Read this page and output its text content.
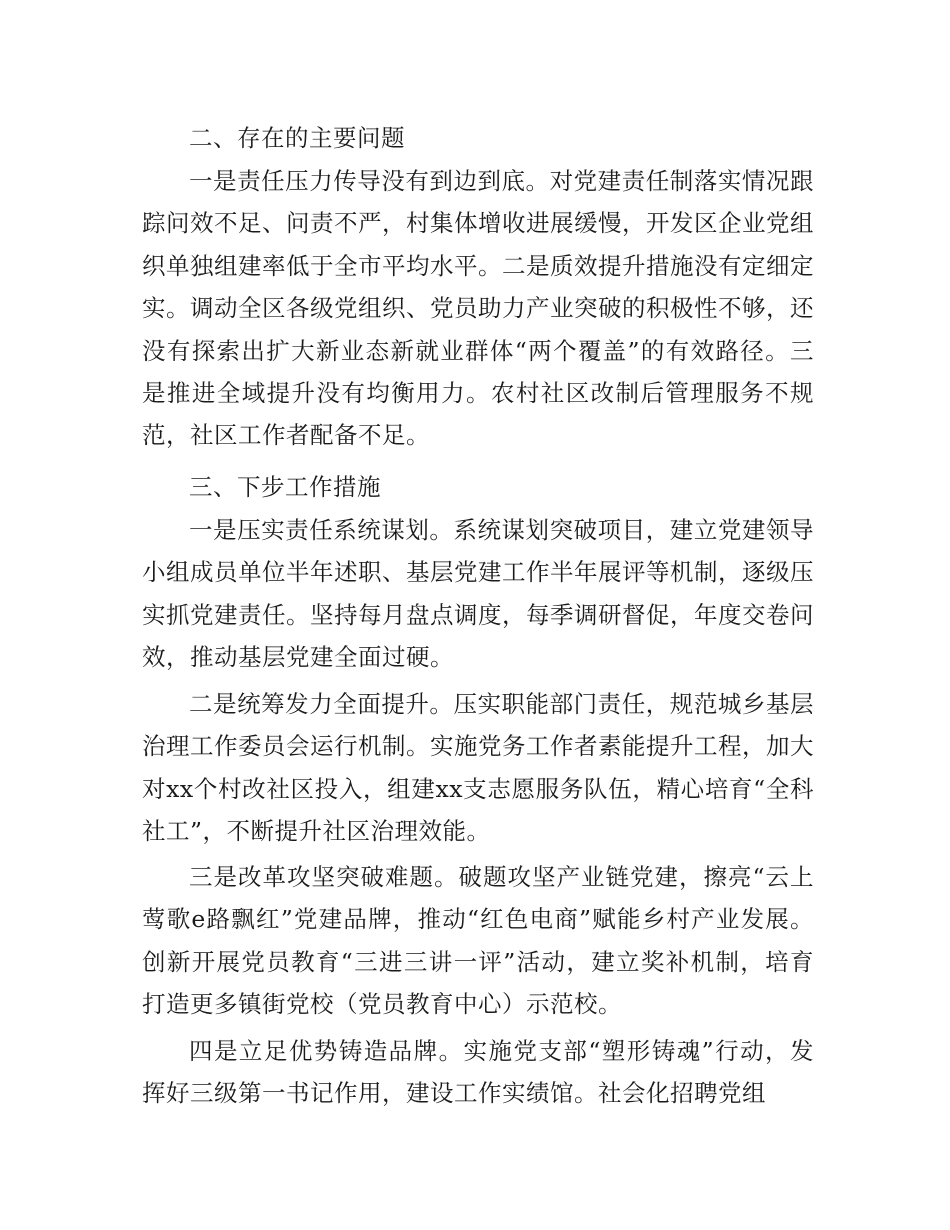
二、存在的主要问题

一是责任压力传导没有到边到底。对党建责任制落实情况跟踪问效不足、问责不严，村集体增收进展缓慢，开发区企业党组织单独组建率低于全市平均水平。二是质效提升措施没有定细定实。调动全区各级党组织、党员助力产业突破的积极性不够，还没有探索出扩大新业态新就业群体“两个覆盖”的有效路径。三是推进全域提升没有均衡用力。农村社区改制后管理服务不规范，社区工作者配备不足。

三、下步工作措施

一是压实责任系统谋划。系统谋划突破项目，建立党建领导小组成员单位半年述职、基层党建工作半年展评等机制，逐级压实抓党建责任。坚持每月盘点调度，每季调研督促，年度交卷问效，推动基层党建全面过硬。

二是统筹发力全面提升。压实职能部门责任，规范城乡基层治理工作委员会运行机制。实施党务工作者素能提升工程，加大对xx个村改社区投入，组建xx支志愿服务队伍，精心培育“全科社工”，不断提升社区治理效能。

三是改革攻坚突破难题。破题攻坚产业链党建，擦亮“云上莺歌e路飘红”党建品牌，推动“红色电商”赋能乡村产业发展。创新开展党员教育“三进三讲一评”活动，建立奖补机制，培育打造更多镇街党校（党员教育中心）示范校。

四是立足优势铸造品牌。实施党支部“塑形铸魂”行动，发挥好三级第一书记作用，建设工作实绩馆。社会化招聘党组
